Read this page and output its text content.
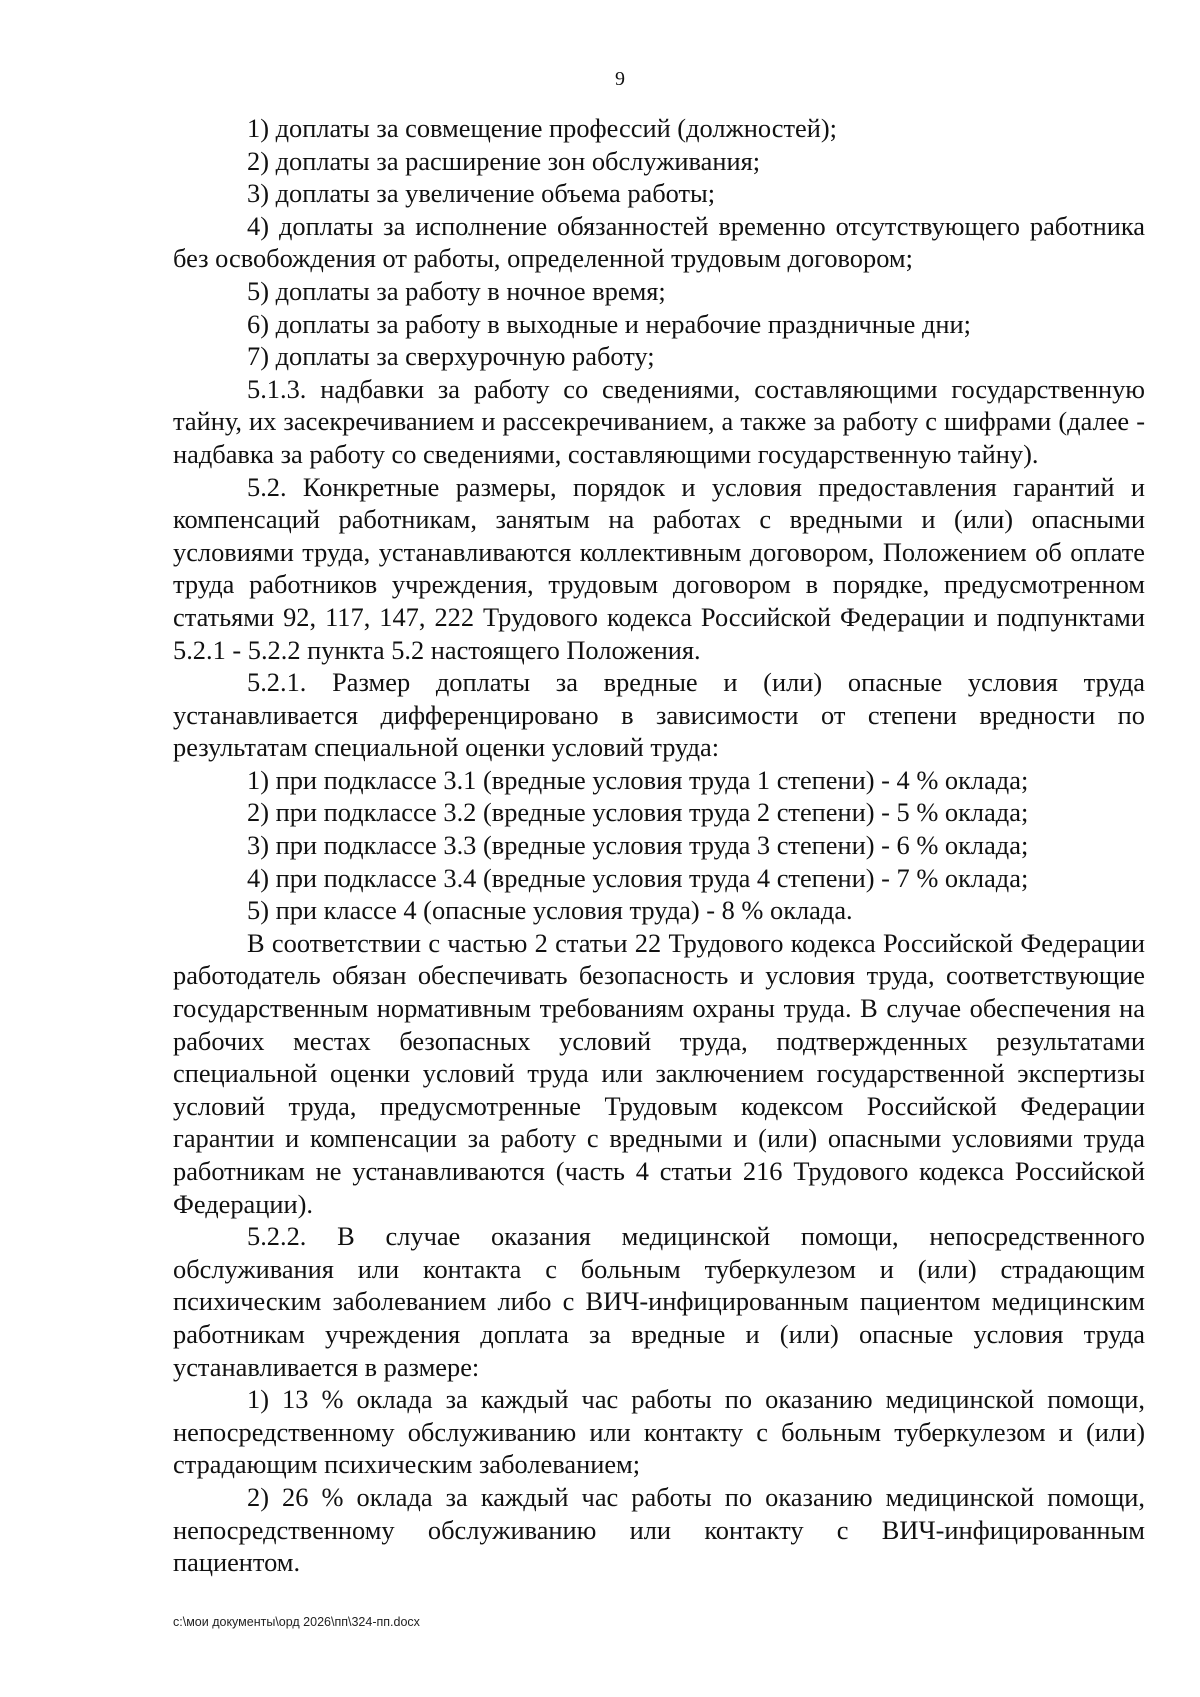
9

1) доплаты за совмещение профессий (должностей);

2) доплаты за расширение зон обслуживания;

3) доплаты за увеличение объема работы;

4) доплаты за исполнение обязанностей временно отсутствующего работника без освобождения от работы, определенной трудовым договором;

5) доплаты за работу в ночное время;

6) доплаты за работу в выходные и нерабочие праздничные дни;

7) доплаты за сверхурочную работу;

5.1.3. надбавки за работу со сведениями, составляющими государственную тайну, их засекречиванием и рассекречиванием, а также за работу с шифрами (далее - надбавка за работу со сведениями, составляющими государственную тайну).

5.2. Конкретные размеры, порядок и условия предоставления гарантий и компенсаций работникам, занятым на работах с вредными и (или) опасными условиями труда, устанавливаются коллективным договором, Положением об оплате труда работников учреждения, трудовым договором в порядке, предусмотренном статьями 92, 117, 147, 222 Трудового кодекса Российской Федерации и подпунктами 5.2.1 - 5.2.2 пункта 5.2 настоящего Положения.

5.2.1. Размер доплаты за вредные и (или) опасные условия труда устанавливается дифференцировано в зависимости от степени вредности по результатам специальной оценки условий труда:

1) при подклассе 3.1 (вредные условия труда 1 степени) - 4 % оклада;

2) при подклассе 3.2 (вредные условия труда 2 степени) - 5 % оклада;

3) при подклассе 3.3 (вредные условия труда 3 степени) - 6 % оклада;

4) при подклассе 3.4 (вредные условия труда 4 степени) - 7 % оклада;

5) при классе 4 (опасные условия труда) - 8 % оклада.

В соответствии с частью 2 статьи 22 Трудового кодекса Российской Федерации работодатель обязан обеспечивать безопасность и условия труда, соответствующие государственным нормативным требованиям охраны труда. В случае обеспечения на рабочих местах безопасных условий труда, подтвержденных результатами специальной оценки условий труда или заключением государственной экспертизы условий труда, предусмотренные Трудовым кодексом Российской Федерации гарантии и компенсации за работу с вредными и (или) опасными условиями труда работникам не устанавливаются (часть 4 статьи 216 Трудового кодекса Российской Федерации).

5.2.2. В случае оказания медицинской помощи, непосредственного обслуживания или контакта с больным туберкулезом и (или) страдающим психическим заболеванием либо с ВИЧ-инфицированным пациентом медицинским работникам учреждения доплата за вредные и (или) опасные условия труда устанавливается в размере:

1) 13 % оклада за каждый час работы по оказанию медицинской помощи, непосредственному обслуживанию или контакту с больным туберкулезом и (или) страдающим психическим заболеванием;

2) 26 % оклада за каждый час работы по оказанию медицинской помощи, непосредственному обслуживанию или контакту с ВИЧ-инфицированным пациентом.

c:\мои документы\орд 2026\пп\324-пп.docx
